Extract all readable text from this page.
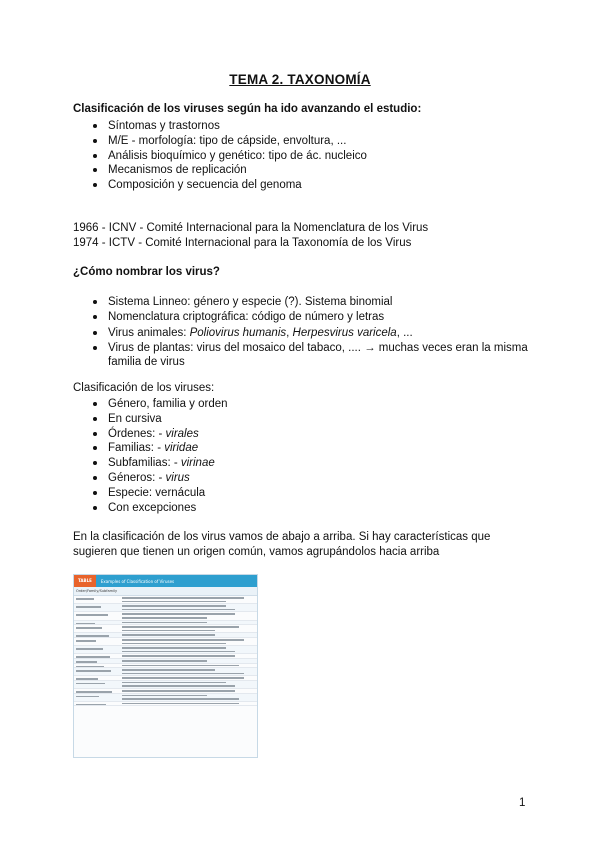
TEMA 2. TAXONOMÍA
Clasificación de los viruses según ha ido avanzando el estudio:
Síntomas y trastornos
M/E - morfología: tipo de cápside, envoltura, ...
Análisis bioquímico y genético: tipo de ác. nucleico
Mecanismos de replicación
Composición y secuencia del genoma
1966 - ICNV - Comité Internacional para la Nomenclatura de los Virus
1974 - ICTV - Comité Internacional para la Taxonomía de los Virus
¿Cómo nombrar los virus?
Sistema Linneo: género y especie (?). Sistema binomial
Nomenclatura criptográfica: código de número y letras
Virus animales: Poliovirus humanis, Herpesvirus varicela, ...
Virus de plantas: virus del mosaico del tabaco, .... → muchas veces eran la misma
familia de virus
Clasificación de los viruses:
Género, familia y orden
En cursiva
Órdenes: - virales
Familias: - viridae
Subfamilias: - virinae
Géneros: - virus
Especie: vernácula
Con excepciones
En la clasificación de los virus vamos de abajo a arriba. Si hay características que sugieren que tienen un origen común, vamos agrupándolos hacia arriba
TABLE	Examples of Classification of Viruses
Order/Family/Subfamily
1
